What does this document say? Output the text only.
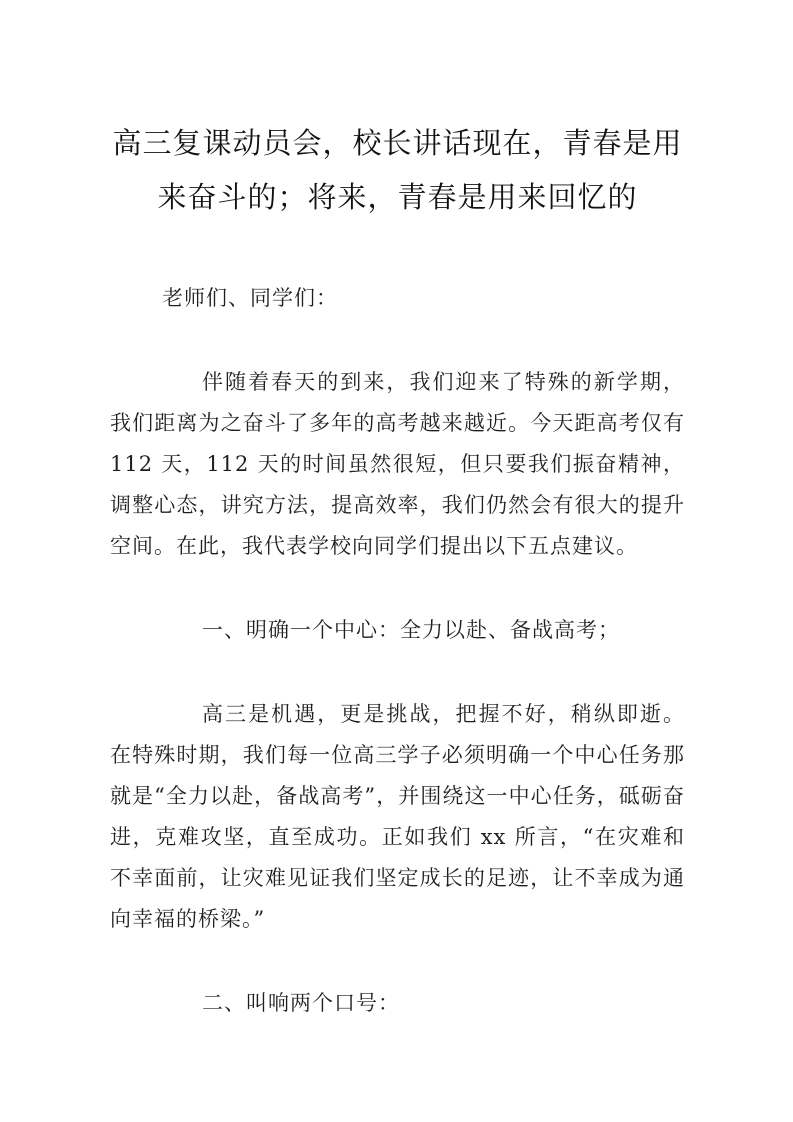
高三复课动员会，校长讲话现在，青春是用来奋斗的；将来，青春是用来回忆的

老师们、同学们：

伴随着春天的到来，我们迎来了特殊的新学期，我们距离为之奋斗了多年的高考越来越近。今天距高考仅有 112 天，112 天的时间虽然很短，但只要我们振奋精神，调整心态，讲究方法，提高效率，我们仍然会有很大的提升空间。在此，我代表学校向同学们提出以下五点建议。

一、明确一个中心：全力以赴、备战高考；

高三是机遇，更是挑战，把握不好，稍纵即逝。在特殊时期，我们每一位高三学子必须明确一个中心任务那就是“全力以赴，备战高考”，并围绕这一中心任务，砥砺奋进，克难攻坚，直至成功。正如我们 xx 所言，“在灾难和不幸面前，让灾难见证我们坚定成长的足迹，让不幸成为通向幸福的桥梁。”

二、叫响两个口号：
